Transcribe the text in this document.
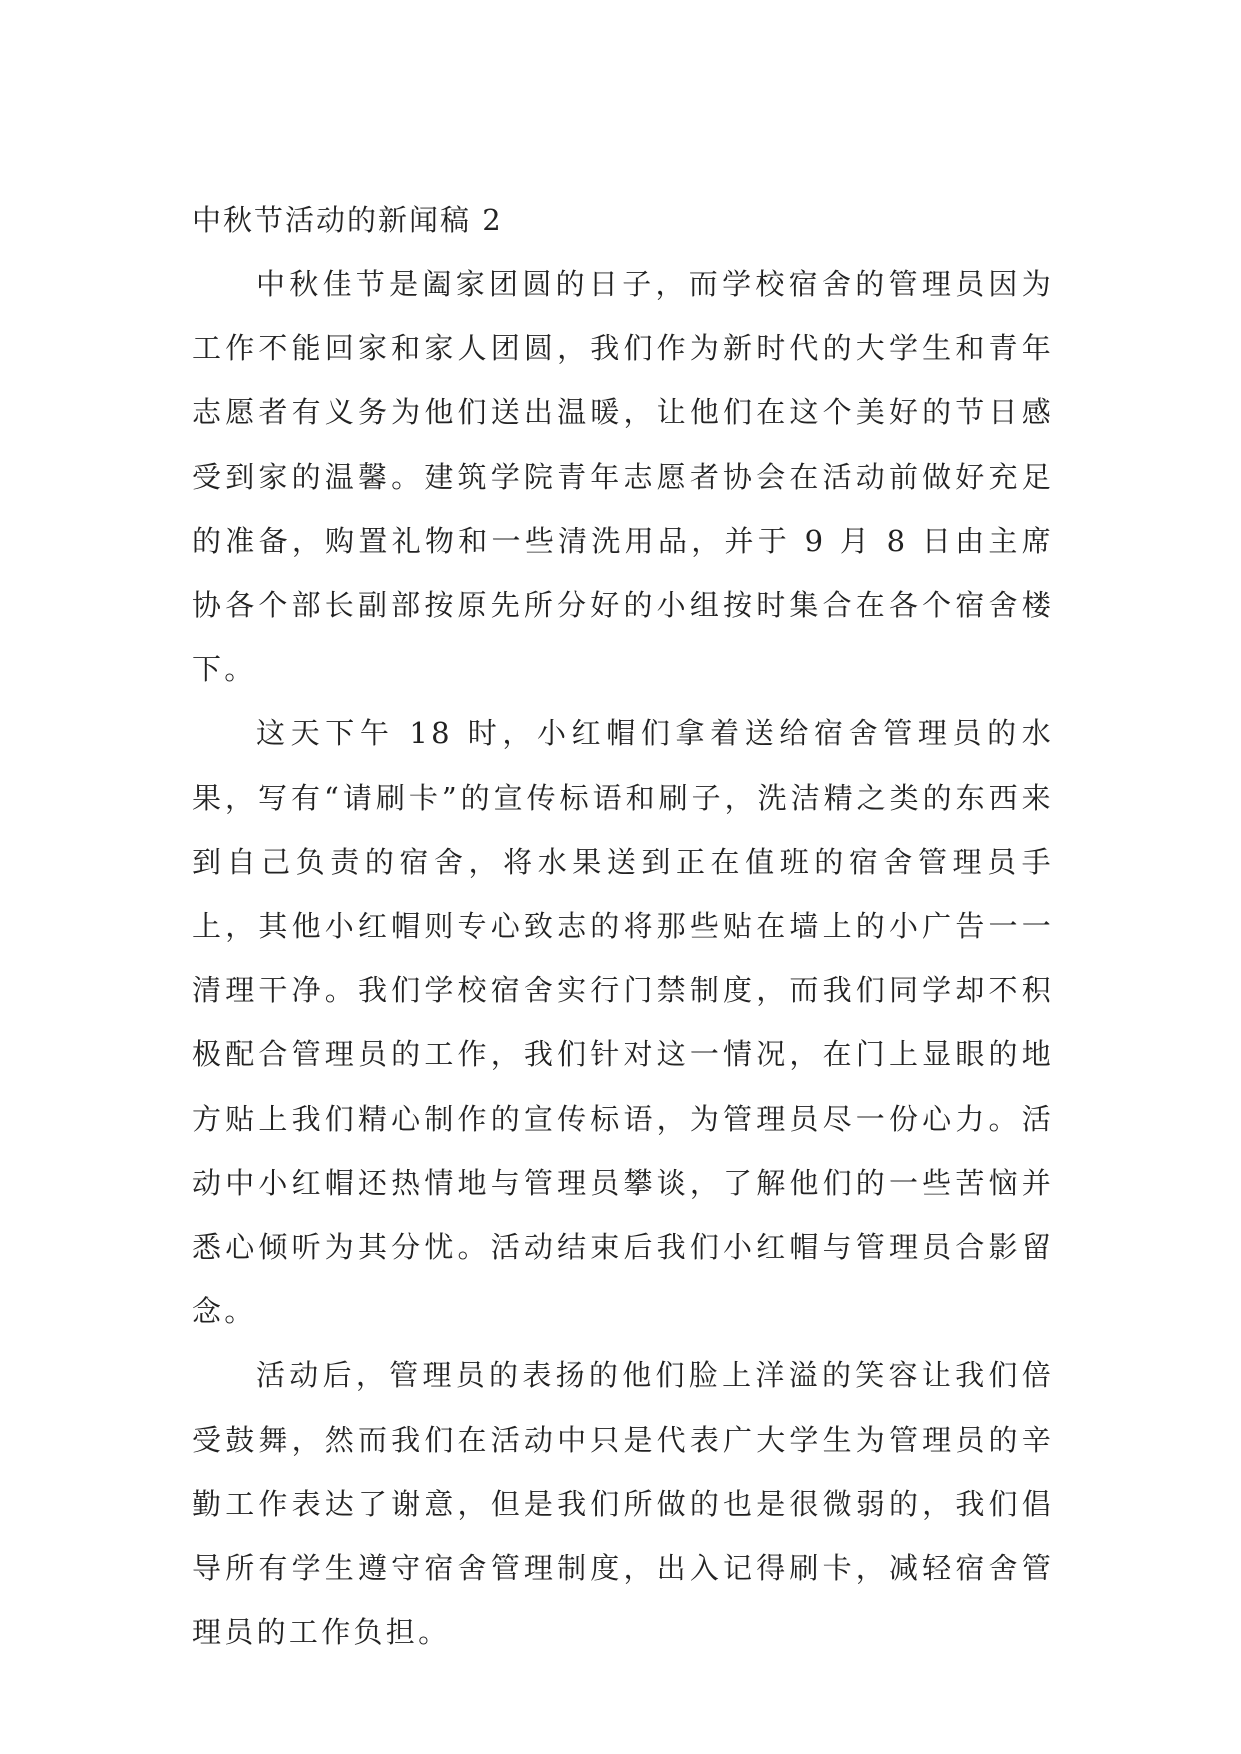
中秋节活动的新闻稿 2

中秋佳节是阖家团圆的日子，而学校宿舍的管理员因为工作不能回家和家人团圆，我们作为新时代的大学生和青年志愿者有义务为他们送出温暖，让他们在这个美好的节日感受到家的温馨。建筑学院青年志愿者协会在活动前做好充足的准备，购置礼物和一些清洗用品，并于 9 月 8 日由主席协各个部长副部按原先所分好的小组按时集合在各个宿舍楼下。

这天下午 18 时，小红帽们拿着送给宿舍管理员的水果，写有“请刷卡”的宣传标语和刷子，洗洁精之类的东西来到自己负责的宿舍，将水果送到正在值班的宿舍管理员手上，其他小红帽则专心致志的将那些贴在墙上的小广告一一清理干净。我们学校宿舍实行门禁制度，而我们同学却不积极配合管理员的工作，我们针对这一情况，在门上显眼的地方贴上我们精心制作的宣传标语，为管理员尽一份心力。活动中小红帽还热情地与管理员攀谈，了解他们的一些苦恼并悉心倾听为其分忧。活动结束后我们小红帽与管理员合影留念。

活动后，管理员的表扬的他们脸上洋溢的笑容让我们倍受鼓舞，然而我们在活动中只是代表广大学生为管理员的辛勤工作表达了谢意，但是我们所做的也是很微弱的，我们倡导所有学生遵守宿舍管理制度，出入记得刷卡，减轻宿舍管理员的工作负担。
